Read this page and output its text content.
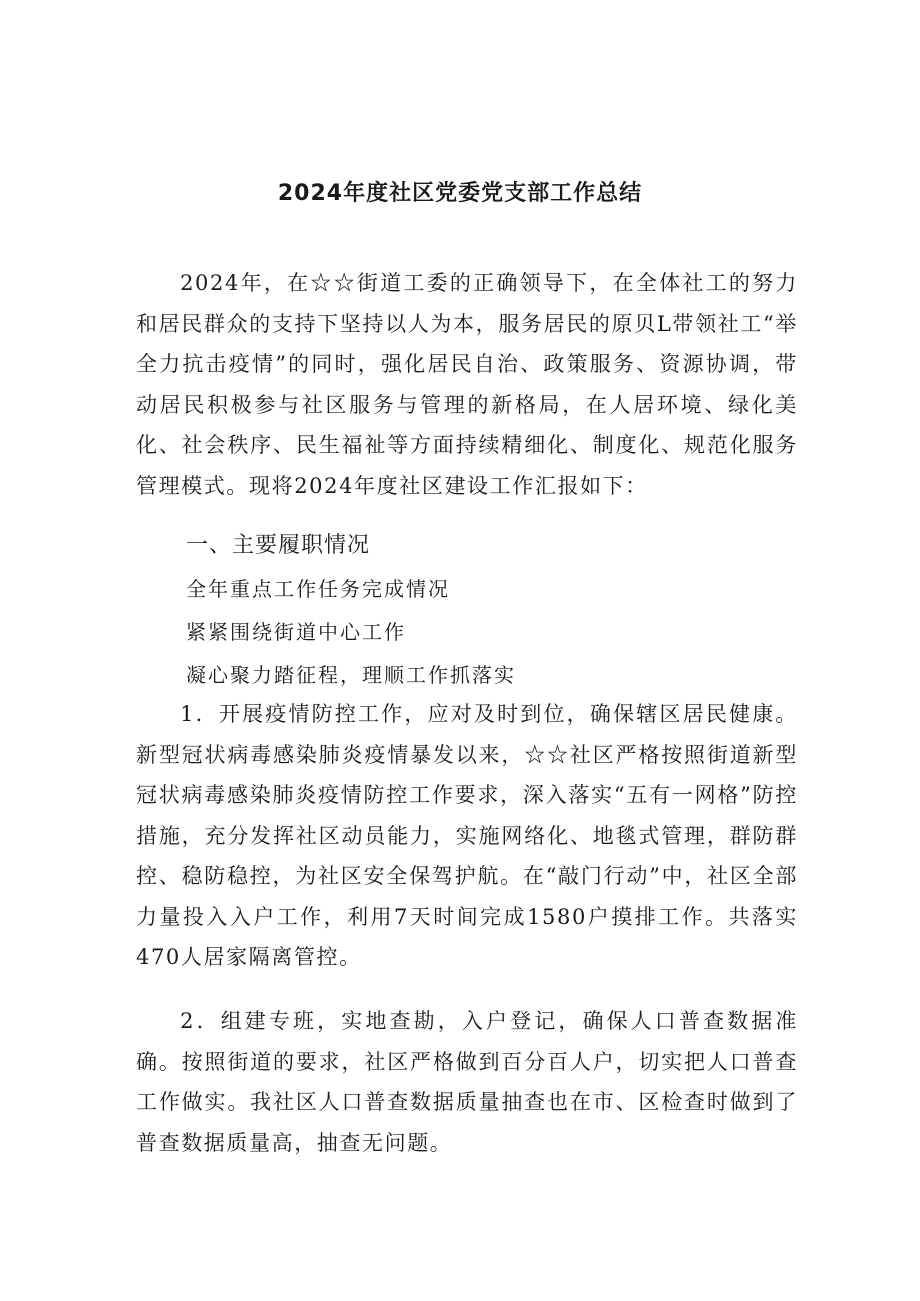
2024年度社区党委党支部工作总结

2024年，在☆☆街道工委的正确领导下，在全体社工的努力和居民群众的支持下坚持以人为本，服务居民的原贝L带领社工“举全力抗击疫情”的同时，强化居民自治、政策服务、资源协调，带动居民积极参与社区服务与管理的新格局，在人居环境、绿化美化、社会秩序、民生福祉等方面持续精细化、制度化、规范化服务管理模式。现将2024年度社区建设工作汇报如下：

一、主要履职情况
全年重点工作任务完成情况
紧紧围绕街道中心工作
凝心聚力踏征程，理顺工作抓落实

1．开展疫情防控工作，应对及时到位，确保辖区居民健康。新型冠状病毒感染肺炎疫情暴发以来，☆☆社区严格按照街道新型冠状病毒感染肺炎疫情防控工作要求，深入落实“五有一网格”防控措施，充分发挥社区动员能力，实施网络化、地毯式管理，群防群控、稳防稳控，为社区安全保驾护航。在“敲门行动”中，社区全部力量投入入户工作，利用7天时间完成1580户摸排工作。共落实470人居家隔离管控。

2．组建专班，实地查勘，入户登记，确保人口普查数据准确。按照街道的要求，社区严格做到百分百人户，切实把人口普查工作做实。我社区人口普查数据质量抽查也在市、区检查时做到了普查数据质量高，抽查无问题。
